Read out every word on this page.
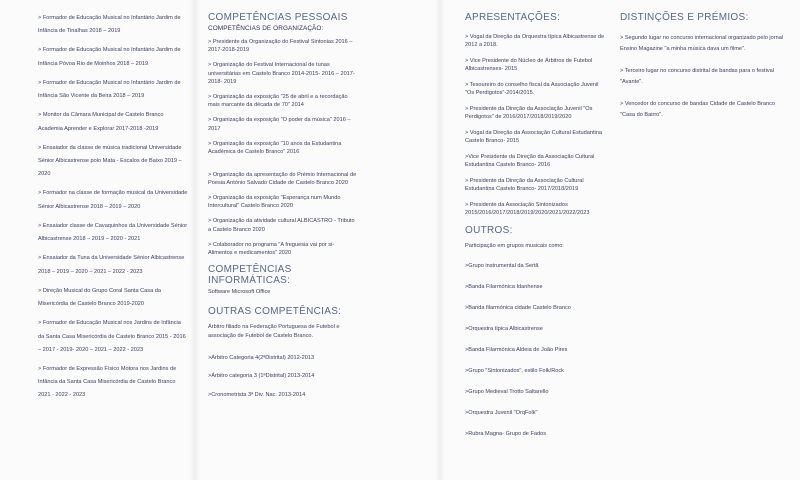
> Formador de Educação Musical no Infantário Jardim de Infância de Tinalhas 2018 – 2019

> Formador de Educação Musical no Infantário Jardim de Infância Póvoa Rio de Moinhos 2018 – 2019

> Formador de Educação Musical no Infantário Jardim de Infância São Vicente da Beira 2018 – 2019

> Monitor da Câmara Municipal de Castelo Branco Academia Aprender e Explorar 2017-2018 -2019

> Ensaiador da classe de música tradicional Universidade Sénior Albicastrense polo Mata - Escalos de Baixo 2019 – 2020

> Formador na classe de formação musical da Universidade Sénior Albicastrense 2018 – 2019 – 2020

> Ensaiador classe de Cavaquinhos da Universidade Sénior Albicastrense 2018 – 2019 – 2020 - 2021

> Ensaiador da Tuna da Universidade Sénior Albicastrense 2018 – 2019 – 2020 – 2021 – 2022 - 2023

> Direção Musical do Grupo Coral Santa Casa da Misericórdia de Castelo Branco 2019-2020

> Formador de Educação Musical nos Jardins de Infância da Santa Casa Misericórdia de Castelo Branco 2015 - 2016 – 2017 - 2019- 2020 – 2021 – 2022 - 2023

> Formador de Expressão Físico Motora nos Jardins de Infância da Santa Casa Misericórdia de Castelo Branco 2021 - 2022 - 2023

COMPETÊNCIAS PESSOAIS

COMPETÊNCIAS DE ORGANIZAÇÃO:

> Presidente da Organização do Festival Sintonias 2016 – 2017-2018-2019

> Organização do Festival Internacional de tunas universitárias em Castelo Branco 2014-2015- 2016 – 2017- 2018- 2019

> Organização da exposição "25 de abril e a recordação mais marcante da década de 70" 2014

> Organização da exposição "O poder da música" 2016 – 2017

> Organização da exposição "10 anos da Estudantina Académica de Castelo Branco" 2016

> Organização da apresentação do Prémio Internacional de Poesia António Salvado Cidade de Castelo Branco 2020

> Organização da exposição "Esperança num Mundo Intercultural" Castelo Branco 2020

> Organização da atividade cultural ALBICASTRO - Tributo a Castelo Branco 2020

> Colaborador no programa "A freguesia vai por si- Alimentos e medicamentos" 2020

COMPETÊNCIAS INFORMÁTICAS:

Software Microsoft Office

OUTRAS COMPETÊNCIAS:

Árbitro filiado na Federação Portuguesa de Futebol e associação de Futebol de Castelo Branco.

>Árbitro Categoria 4(2ªDistrital) 2012-2013

>Árbitro categoria 3 (1ªDistrital) 2013-2014

>Cronometrista 3ª Div. Nac. 2013-2014

APRESENTAÇÕES:

> Vogal da Direção da Orquestra típica Albicastrense de 2012 a 2018.

> Vice Presidente do Núcleo de Árbitros de Futebol Albicastrenses- 2015

> Tesoureiro do conselho fiscal da Associação Juvenil "Os Perdigotos"-2014/2015.

> Presidente da Direção da Associação Juvenil "Os Perdigotos" de 2016/2017/2018/2019/2020

> Vogal da Direção da Associação Cultural Estudantina Castelo Branco- 2015

>Vice Presidente da Direção da Associação Cultural Estudantina Castelo Branco- 2016

> Presidente da Direção da Associação Cultural Estudantina Castelo Branco- 2017/2018/2019

> Presidente da Associação Sintonizados 2015/2016/2017/2018/2019/2020/2021/2022/2023

OUTROS:

Participação em grupos musicais como:

>Grupo instrumental da Sertã

>Banda Filarmónica Idanhense

>Banda filarmónica cidade Castelo Branco

>Orquestra típica Albicastrense

>Banda Filarmónica Aldeia de João Pires

>Grupo "Sintonizados", estilo Folk/Rock

>Grupo Medieval Trotto Saltarello

>Orquestra Juvenil "OrqFolk"

>Rubra Magna- Grupo de Fados

DISTINÇÕES E PRÉMIOS:

> Segundo lugar no concurso internacional organizado pelo jornal Ensino Magazine "a minha música dava um filme".

> Terceiro lugar no concurso distrital de bandas para o festival "Avante".

> Vencedor do concurso de bandas Cidade de Castelo Branco "Casa do Bairro".
